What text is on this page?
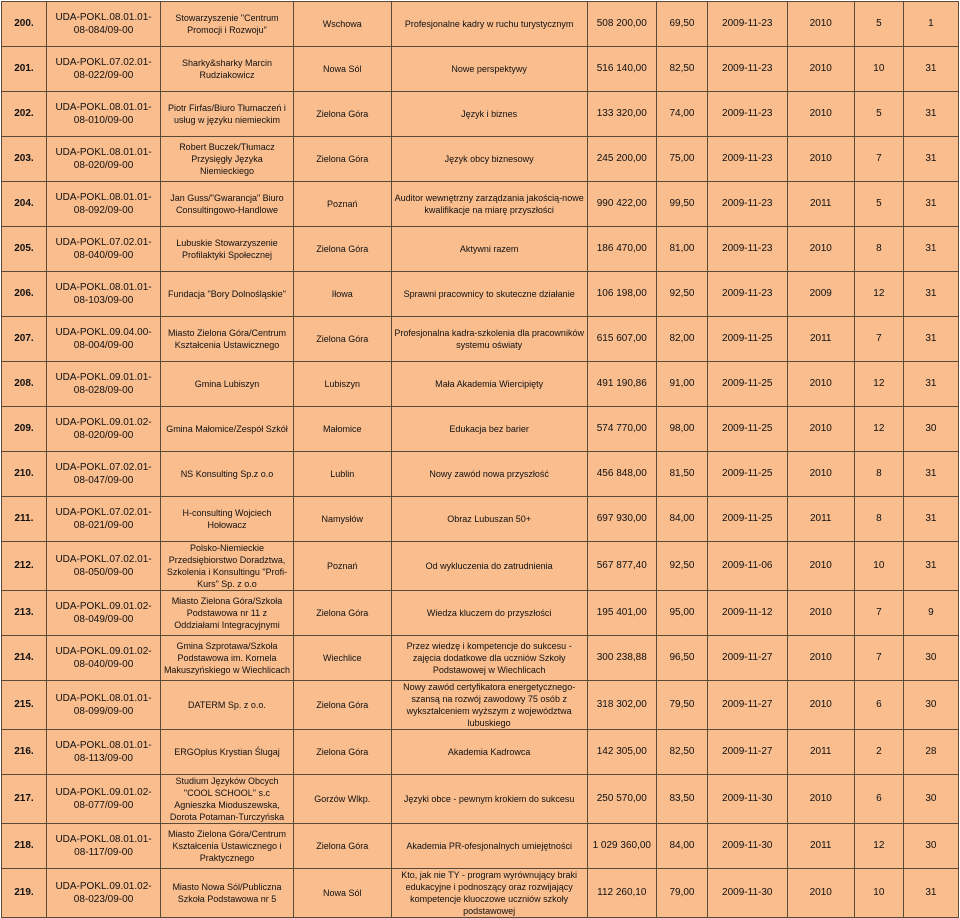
200.	UDA-POKL.08.01.01-08-084/09-00	Stowarzyszenie "Centrum Promocji i Rozwoju"	Wschowa	Profesjonalne kadry w ruchu turystycznym	508 200,00	69,50	2009-11-23	2010	5	1
201.	UDA-POKL.07.02.01-08-022/09-00	Sharky&sharky Marcin Rudziakowicz	Nowa Sól	Nowe perspektywy	516 140,00	82,50	2009-11-23	2010	10	31
202.	UDA-POKL.08.01.01-08-010/09-00	Piotr Firfas/Biuro Tłumaczeń i usług w języku niemieckim	Zielona Góra	Język i biznes	133 320,00	74,00	2009-11-23	2010	5	31
203.	UDA-POKL.08.01.01-08-020/09-00	Robert Buczek/Tłumacz Przysięgły Języka Niemieckiego	Zielona Góra	Język obcy biznesowy	245 200,00	75,00	2009-11-23	2010	7	31
204.	UDA-POKL.08.01.01-08-092/09-00	Jan Guss/"Gwarancja" Biuro Consultingowo-Handlowe	Poznań	Auditor wewnętrzny zarządzania jakością-nowe kwalifikacje na miarę przyszłości	990 422,00	99,50	2009-11-23	2011	5	31
205.	UDA-POKL.07.02.01-08-040/09-00	Lubuskie Stowarzyszenie Profilaktyki Społecznej	Zielona Góra	Aktywni razem	186 470,00	81,00	2009-11-23	2010	8	31
206.	UDA-POKL.08.01.01-08-103/09-00	Fundacja "Bory Dolnośląskie"	Iłowa	Sprawni pracownicy to skuteczne działanie	106 198,00	92,50	2009-11-23	2009	12	31
207.	UDA-POKL.09.04.00-08-004/09-00	Miasto Zielona Góra/Centrum Kształcenia Ustawicznego	Zielona Góra	Profesjonalna kadra-szkolenia dla pracowników systemu oświaty	615 607,00	82,00	2009-11-25	2011	7	31
208.	UDA-POKL.09.01.01-08-028/09-00	Gmina Lubiszyn	Lubiszyn	Mała Akademia Wiercipięty	491 190,86	91,00	2009-11-25	2010	12	31
209.	UDA-POKL.09.01.02-08-020/09-00	Gmina Małomice/Zespół Szkół	Małomice	Edukacja bez barier	574 770,00	98,00	2009-11-25	2010	12	30
210.	UDA-POKL.07.02.01-08-047/09-00	NS Konsulting Sp.z o.o	Lublin	Nowy zawód nowa przyszłość	456 848,00	81,50	2009-11-25	2010	8	31
211.	UDA-POKL.07.02.01-08-021/09-00	H-consulting Wojciech Hołowacz	Namysłów	Obraz Lubuszan 50+	697 930,00	84,00	2009-11-25	2011	8	31
212.	UDA-POKL.07.02.01-08-050/09-00	Polsko-Niemieckie Przedsiębiorstwo Doradztwa, Szkolenia i Konsultingu "Profi-Kurs" Sp. z o.o	Poznań	Od wykluczenia do zatrudnienia	567 877,40	92,50	2009-11-06	2010	10	31
213.	UDA-POKL.09.01.02-08-049/09-00	Miasto Zielona Góra/Szkoła Podstawowa nr 11 z Oddziałami Integracyjnymi	Zielona Góra	Wiedza kluczem do przyszłości	195 401,00	95,00	2009-11-12	2010	7	9
214.	UDA-POKL.09.01.02-08-040/09-00	Gmina Szprotawa/Szkoła Podstawowa im. Kornela Makuszyńskiego w Wiechlicach	Wiechlice	Przez wiedzę i kompetencje do sukcesu - zajęcia dodatkowe dla uczniów Szkoły Podstawowej w Wiechlicach	300 238,88	96,50	2009-11-27	2010	7	30
215.	UDA-POKL.08.01.01-08-099/09-00	DATERM Sp. z o.o.	Zielona Góra	Nowy zawód certyfikatora energetycznego- szansą na rozwój zawodowy 75 osób z wykształceniem wyższym z województwa lubuskiego	318 302,00	79,50	2009-11-27	2010	6	30
216.	UDA-POKL.08.01.01-08-113/09-00	ERGOplus Krystian Ślugaj	Zielona Góra	Akademia Kadrowca	142 305,00	82,50	2009-11-27	2011	2	28
217.	UDA-POKL.09.01.02-08-077/09-00	Studium Języków Obcych "COOL SCHOOL" s.c Agnieszka Mioduszewska, Dorota Potaman-Turczyńska	Gorzów Wlkp.	Języki obce - pewnym krokiem do sukcesu	250 570,00	83,50	2009-11-30	2010	6	30
218.	UDA-POKL.08.01.01-08-117/09-00	Miasto Zielona Góra/Centrum Kształcenia Ustawicznego i Praktycznego	Zielona Góra	Akademia PR-ofesjonalnych umiejętności	1 029 360,00	84,00	2009-11-30	2011	12	30
219.	UDA-POKL.09.01.02-08-023/09-00	Miasto Nowa Sól/Publiczna Szkoła Podstawowa nr 5	Nowa Sól	Kto, jak nie TY - program wyrównujący braki edukacyjne i podnoszący oraz rozwijający kompetencje kluoczowe uczniów szkoły podstawowej	112 260,10	79,00	2009-11-30	2010	10	31
